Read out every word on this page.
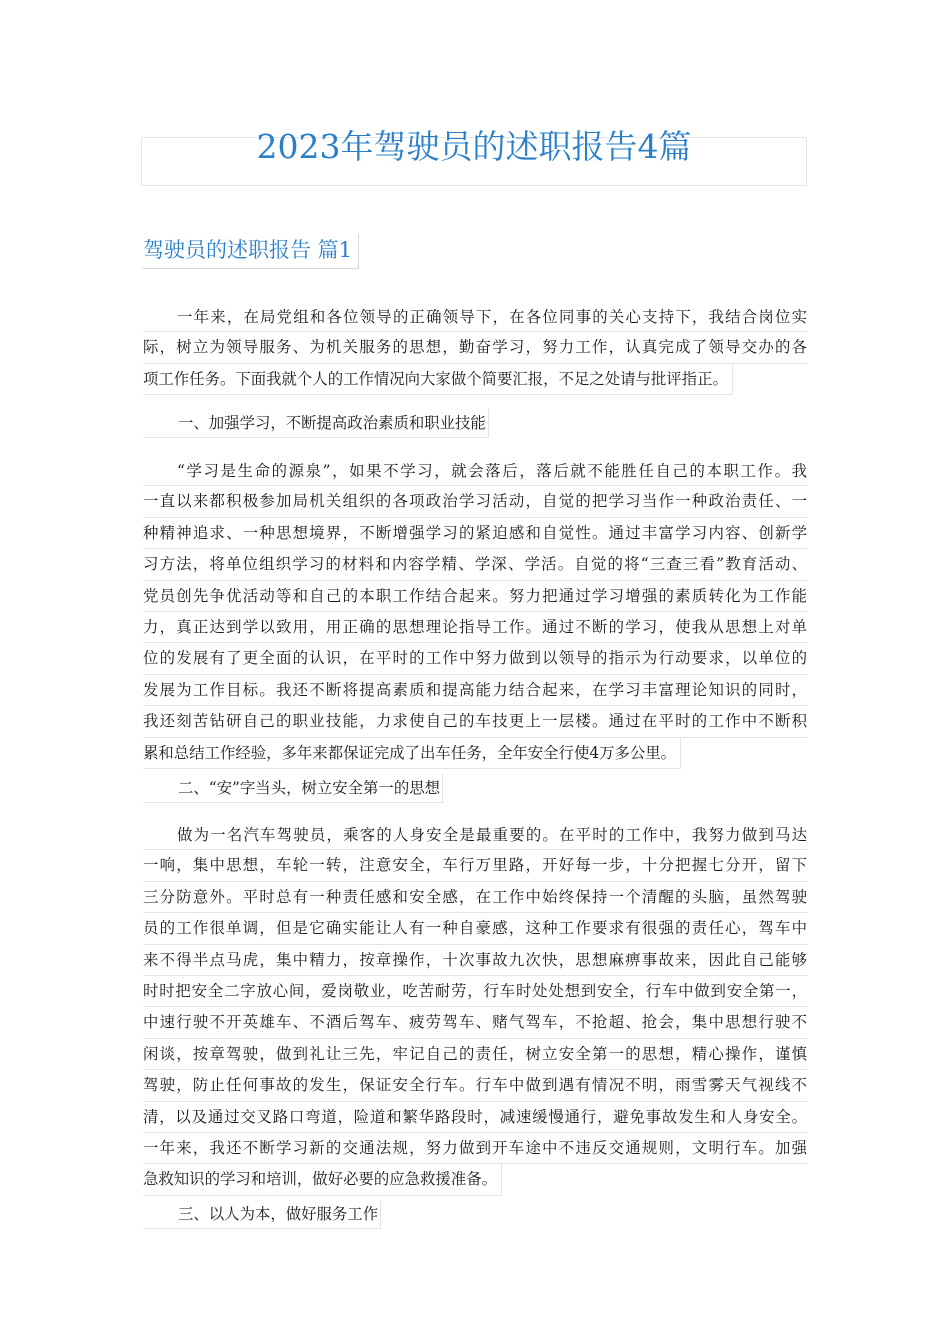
2023年驾驶员的述职报告4篇
驾驶员的述职报告 篇1
一年来，在局党组和各位领导的正确领导下，在各位同事的关心支持下，我结合岗位实
际，树立为领导服务、为机关服务的思想，勤奋学习，努力工作，认真完成了领导交办的各
项工作任务。下面我就个人的工作情况向大家做个简要汇报，不足之处请与批评指正。
一、加强学习，不断提高政治素质和职业技能
“学习是生命的源泉”，如果不学习，就会落后，落后就不能胜任自己的本职工作。我
一直以来都积极参加局机关组织的各项政治学习活动，自觉的把学习当作一种政治责任、一
种精神追求、一种思想境界，不断增强学习的紧迫感和自觉性。通过丰富学习内容、创新学
习方法，将单位组织学习的材料和内容学精、学深、学活。自觉的将“三查三看”教育活动、
党员创先争优活动等和自己的本职工作结合起来。努力把通过学习增强的素质转化为工作能
力，真正达到学以致用，用正确的思想理论指导工作。通过不断的学习，使我从思想上对单
位的发展有了更全面的认识，在平时的工作中努力做到以领导的指示为行动要求，以单位的
发展为工作目标。我还不断将提高素质和提高能力结合起来，在学习丰富理论知识的同时，
我还刻苦钻研自己的职业技能，力求使自己的车技更上一层楼。通过在平时的工作中不断积
累和总结工作经验，多年来都保证完成了出车任务，全年安全行使4万多公里。
二、“安”字当头，树立安全第一的思想
做为一名汽车驾驶员，乘客的人身安全是最重要的。在平时的工作中，我努力做到马达
一响，集中思想，车轮一转，注意安全，车行万里路，开好每一步，十分把握七分开，留下
三分防意外。平时总有一种责任感和安全感，在工作中始终保持一个清醒的头脑，虽然驾驶
员的工作很单调，但是它确实能让人有一种自豪感，这种工作要求有很强的责任心，驾车中
来不得半点马虎，集中精力，按章操作，十次事故九次快，思想麻痹事故来，因此自己能够
时时把安全二字放心间，爱岗敬业，吃苦耐劳，行车时处处想到安全，行车中做到安全第一，
中速行驶不开英雄车、不酒后驾车、疲劳驾车、赌气驾车，不抢超、抢会，集中思想行驶不
闲谈，按章驾驶，做到礼让三先，牢记自己的责任，树立安全第一的思想，精心操作，谨慎
驾驶，防止任何事故的发生，保证安全行车。行车中做到遇有情况不明，雨雪雾天气视线不
清，以及通过交叉路口弯道，险道和繁华路段时，减速缓慢通行，避免事故发生和人身安全。
一年来，我还不断学习新的交通法规，努力做到开车途中不违反交通规则，文明行车。加强
急救知识的学习和培训，做好必要的应急救援准备。
三、以人为本，做好服务工作
